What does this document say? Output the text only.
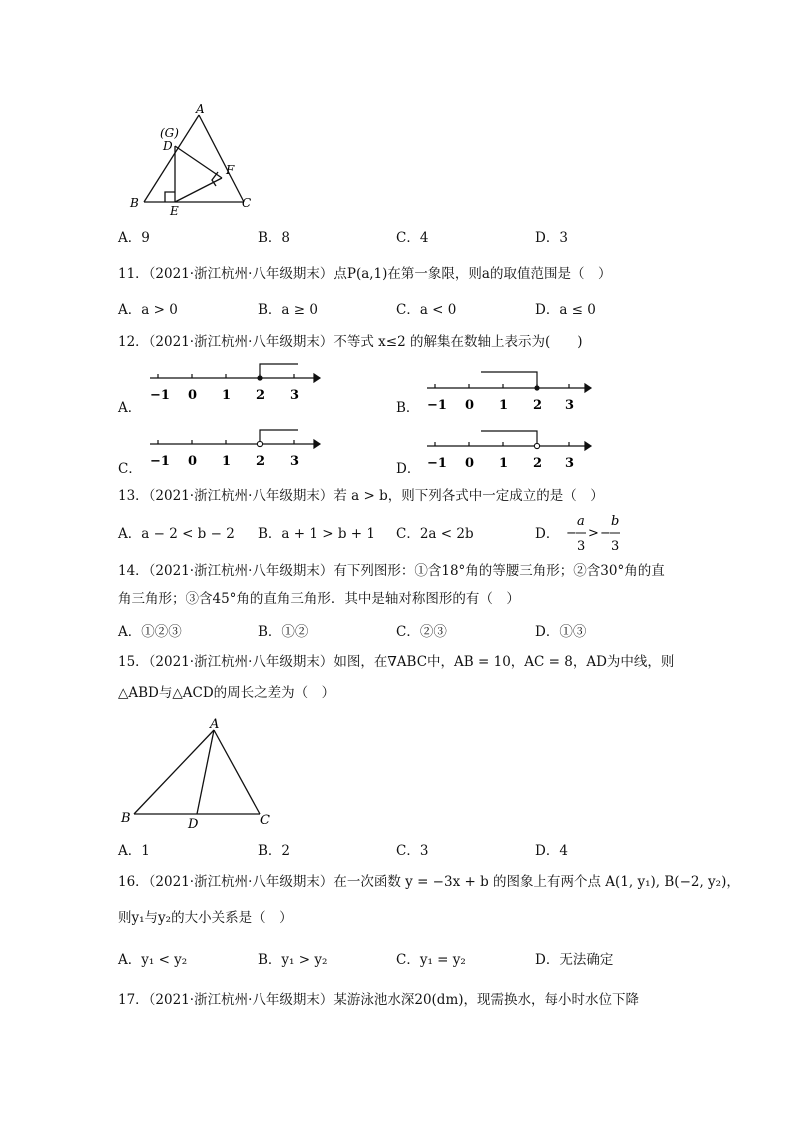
A
(G)
D
F
B
E
C
A．9	B．8	C．4	D．3
11．（2021·浙江杭州·八年级期末）点P(a,1)在第一象限，则a的取值范围是（　）
A．a > 0	B．a ≥ 0	C．a < 0	D．a ≤ 0
12．（2021·浙江杭州·八年级期末）不等式 x≤2 的解集在数轴上表示为(　　)
A．
−1 0 1 2 3
B． −1 0 1 2 3
C． −1 0 1 2 3	D． −1 0 1 2 3
13．（2021·浙江杭州·八年级期末）若 a > b，则下列各式中一定成立的是（　）
A．a − 2 < b − 2 B．a + 1 > b + 1 C．2a < 2b	D． −
a
3
> −
b
3
14．（2021·浙江杭州·八年级期末）有下列图形：①含18°角的等腰三角形；②含30°角的直
角三角形；③含45°角的直角三角形．其中是轴对称图形的有（　）
A．①②③	B．①②	C．②③	D．①③
15．（2021·浙江杭州·八年级期末）如图，在∇ABC中，AB = 10，AC = 8，AD为中线，则
△ABD与△ACD的周长之差为（　）
A
B	D	C
A．1	B．2	C．3	D．4
16．（2021·浙江杭州·八年级期末）在一次函数 y = −3x + b 的图象上有两个点 A(1, y₁), B(−2, y₂)，
则y₁与y₂的大小关系是（　）
A．y₁ < y₂	B．y₁ > y₂	C．y₁ = y₂	D．无法确定
17．（2021·浙江杭州·八年级期末）某游泳池水深20(dm)，现需换水，每小时水位下降
